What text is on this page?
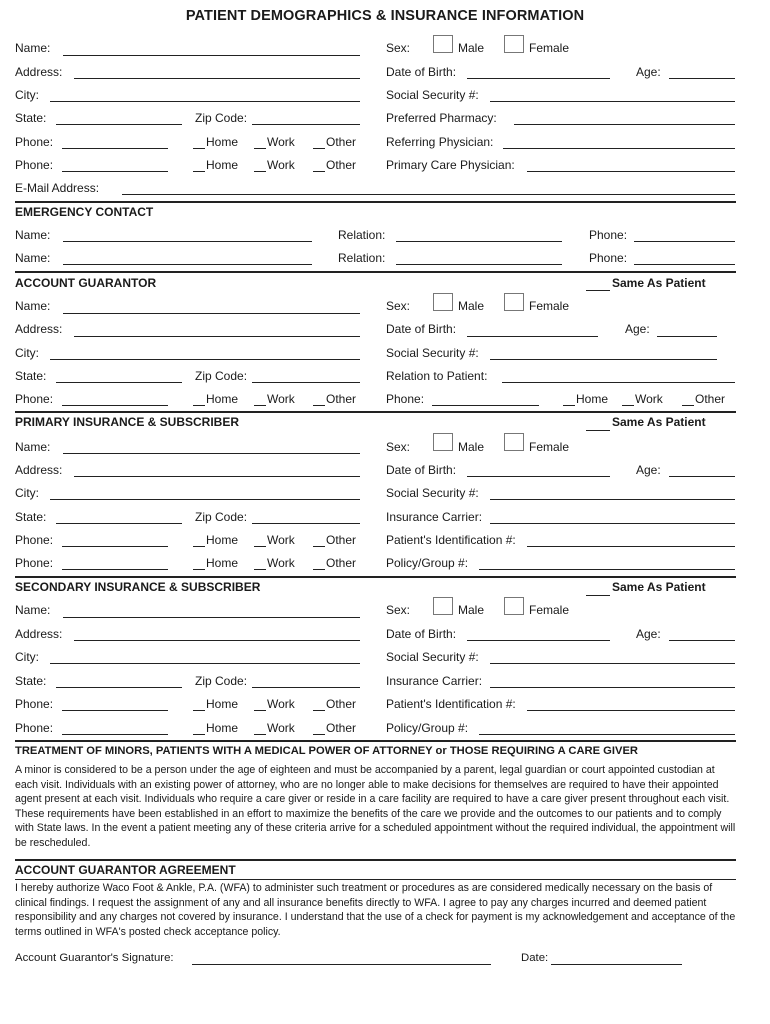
PATIENT DEMOGRAPHICS & INSURANCE INFORMATION
Name:	Sex:	Male	Female
Address:	Date of Birth:	Age:
City:	Social Security #:
State:	Zip Code:	Preferred Pharmacy:
Phone:	Home Work	Other Referring Physician:
Phone:	Home Work	Other Primary Care Physician:
E-Mail Address:
EMERGENCY CONTACT
Name:	Relation:	Phone:
Name:	Relation:	Phone:
ACCOUNT GUARANTOR	Same As Patient
Name:	Sex:	Male	Female
Address:	Date of Birth:	Age:
City:	Social Security #:
State:	Zip Code:	Relation to Patient:
Phone:	Home Work	Other Phone:	Home Work	Other
PRIMARY INSURANCE & SUBSCRIBER	Same As Patient
Name:	Sex:	Male	Female
Address:	Date of Birth:	Age:
City:	Social Security #:
State:	Zip Code:	Insurance Carrier:
Phone:	Home Work	Other Patient's Identification #:
Phone:	Home Work	Other Policy/Group #:
SECONDARY INSURANCE & SUBSCRIBER	Same As Patient
Name:	Sex:	Male	Female
Address:	Date of Birth:	Age:
City:	Social Security #:
State:	Zip Code:	Insurance Carrier:
Phone:	Home Work	Other Patient's Identification #:
Phone:	Home Work	Other Policy/Group #:
TREATMENT OF MINORS, PATIENTS WITH A MEDICAL POWER OF ATTORNEY or THOSE REQUIRING A CARE GIVER
A minor is considered to be a person under the age of eighteen and must be accompanied by a parent, legal guardian or court appointed custodian at each visit. Individuals with an existing power of attorney, who are no longer able to make decisions for themselves are required to have their appointed agent present at each visit. Individuals who require a care giver or reside in a care facility are required to have a care giver present throughout each visit. These requirements have been established in an effort to maximize the benefits of the care we provide and the outcomes to our patients and to comply with State laws. In the event a patient meeting any of these criteria arrive for a scheduled appointment without the required individual, the appointment will be rescheduled.
ACCOUNT GUARANTOR AGREEMENT
I hereby authorize Waco Foot & Ankle, P.A. (WFA) to administer such treatment or procedures as are considered medically necessary on the basis of clinical findings. I request the assignment of any and all insurance benefits directly to WFA. I agree to pay any charges incurred and deemed patient responsibility and any charges not covered by insurance. I understand that the use of a check for payment is my acknowledgement and acceptance of the terms outlined in WFA's posted check acceptance policy.
Account Guarantor's Signature:	Date:
